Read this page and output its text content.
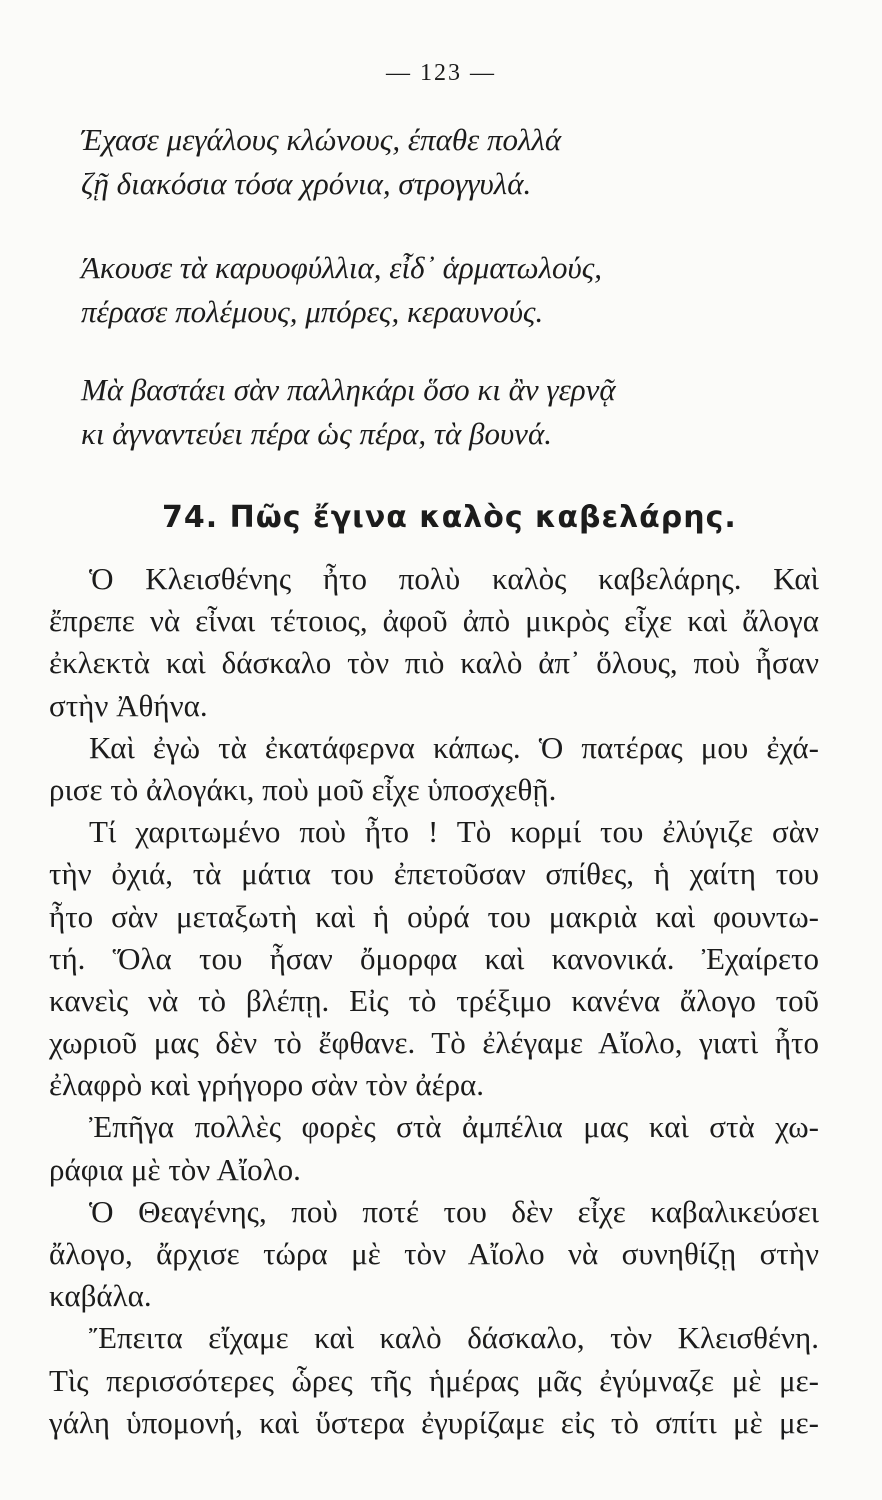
— 123 —
Έχασε μεγάλους κλώνους, έπαθε πολλά
ζῇ διακόσια τόσα χρόνια, στρογγυλά.
Άκουσε τὰ καρυοφύλλια, εἶδ᾽ ἁρματωλούς,
πέρασε πολέμους, μπόρες, κεραυνούς.
Μὰ βαστάει σὰν παλληκάρι ὅσο κι ἂν γερνᾷ
κι ἀγναντεύει πέρα ὡς πέρα, τὰ βουνά.
74. Πῶς ἔγινα καλὸς καβελάρης.
Ὁ Κλεισθένης ἦτο πολὺ καλὸς καβελάρης. Καὶ
ἔπρεπε νὰ εἶναι τέτοιος, ἀφοῦ ἀπὸ μικρὸς εἶχε καὶ ἄλογα
ἐκλεκτὰ καὶ δάσκαλο τὸν πιὸ καλὸ ἀπ᾽ ὅλους, ποὺ ἦσαν
στὴν Ἀθήνα.
Καὶ ἐγὼ τὰ ἐκατάφερνα κάπως. Ὁ πατέρας μου ἐχά-
ρισε τὸ ἀλογάκι, ποὺ μοῦ εἶχε ὑποσχεθῇ.
Τί χαριτωμένο ποὺ ἦτο ! Τὸ κορμί του ἐλύγιζε σὰν
τὴν ὀχιά, τὰ μάτια του ἐπετοῦσαν σπίθες, ἡ χαίτη του
ἦτο σὰν μεταξωτὴ καὶ ἡ οὐρά του μακριὰ καὶ φουντω-
τή. Ὅλα του ἦσαν ὄμορφα καὶ κανονικά. Ἐχαίρετο
κανεὶς νὰ τὸ βλέπῃ. Εἰς τὸ τρέξιμο κανένα ἄλογο τοῦ
χωριοῦ μας δὲν τὸ ἔφθανε. Τὸ ἐλέγαμε Αἴολο, γιατὶ ἦτο
ἐλαφρὸ καὶ γρήγορο σὰν τὸν ἀέρα.
Ἐπῆγα πολλὲς φορὲς στὰ ἀμπέλια μας καὶ στὰ χω-
ράφια μὲ τὸν Αἴολο.
Ὁ Θεαγένης, ποὺ ποτέ του δὲν εἶχε καβαλικεύσει
ἄλογο, ἄρχισε τώρα μὲ τὸν Αἴολο νὰ συνηθίζῃ στὴν
καβάλα.
Ἔπειτα εἴχαμε καὶ καλὸ δάσκαλο, τὸν Κλεισθένη.
Τὶς περισσότερες ὧρες τῆς ἡμέρας μᾶς ἐγύμναζε μὲ με-
γάλη ὑπομονή, καὶ ὕστερα ἐγυρίζαμε εἰς τὸ σπίτι μὲ με-
